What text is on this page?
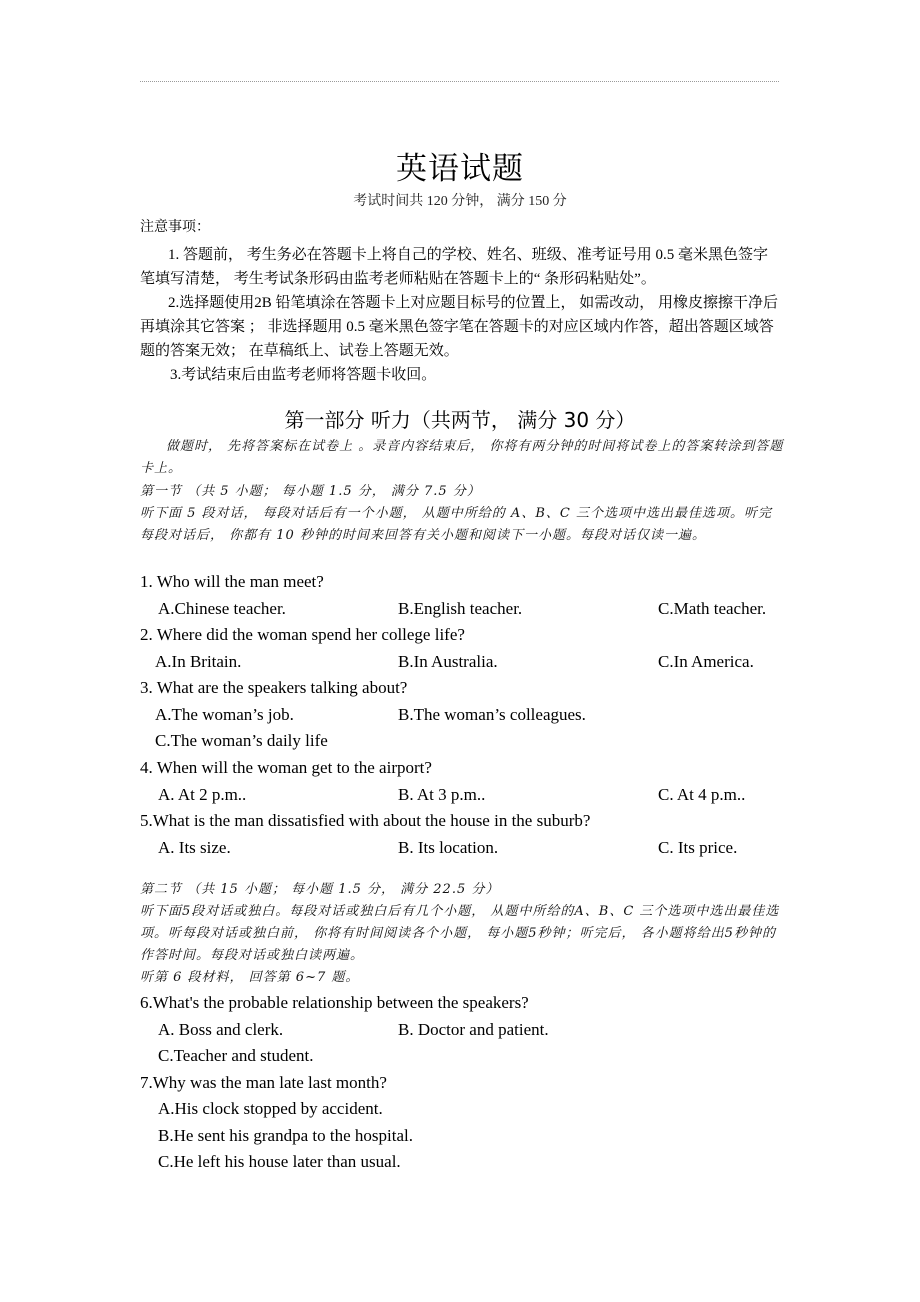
英语试题
考试时间共 120 分钟， 满分 150 分
注意事项：
1. 答题前， 考生务必在答题卡上将自己的学校、姓名、班级、准考证号用 0.5 毫米黑色签字笔填写清楚， 考生考试条形码由监考老师粘贴在答题卡上的“ 条形码粘贴处”。
2.选择题使用2B 铅笔填涂在答题卡上对应题目标号的位置上， 如需改动， 用橡皮擦擦干净后再填涂其它答案 ； 非选择题用 0.5 毫米黑色签字笔在答题卡的对应区域内作答，超出答题区域答题的答案无效； 在草稿纸上、试卷上答题无效。
3.考试结束后由监考老师将答题卡收回。
第一部分 听力（共两节， 满分 30 分）
做题时， 先将答案标在试卷上 。录音内容结束后， 你将有两分钟的时间将试卷上的答案转涂到答题卡上。
第一节 （共 5 小题； 每小题 1.5 分， 满分 7.5 分）
听下面 5 段对话， 每段对话后有一个小题， 从题中所给的 A、B、C 三个选项中选出最佳选项。听完每段对话后， 你都有 10 秒钟的时间来回答有关小题和阅读下一小题。每段对话仅读一遍。
1. Who will the man meet?
A.Chinese teacher.	B.English teacher.	C.Math teacher.
2. Where did the woman spend her college life?
A.In Britain.	B.In Australia.	C.In America.
3. What are the speakers talking about?
A.The woman’s job.	B.The woman’s colleagues.
C.The woman’s daily life
4. When will the woman get to the airport?
A. At 2 p.m..	B. At 3 p.m..	C. At 4 p.m..
5.What is the man dissatisfied with about the house in the suburb?
A. Its size.	B. Its location.	C. Its price.
第二节 （共 15 小题； 每小题 1.5 分， 满分 22.5 分）
听下面5段对话或独白。每段对话或独白后有几个小题， 从题中所给的A、B、C 三个选项中选出最佳选项。听每段对话或独白前， 你将有时间阅读各个小题， 每小题5秒钟；听完后， 各小题将给出5秒钟的作答时间。每段对话或独白读两遍。
听第 6 段材料， 回答第 6~7 题。
6.What's the probable relationship between the speakers?
A. Boss and clerk.	B. Doctor and patient.
C.Teacher and student.
7.Why was the man late last month?
A.His clock stopped by accident.
B.He sent his grandpa to the hospital.
C.He left his house later than usual.
